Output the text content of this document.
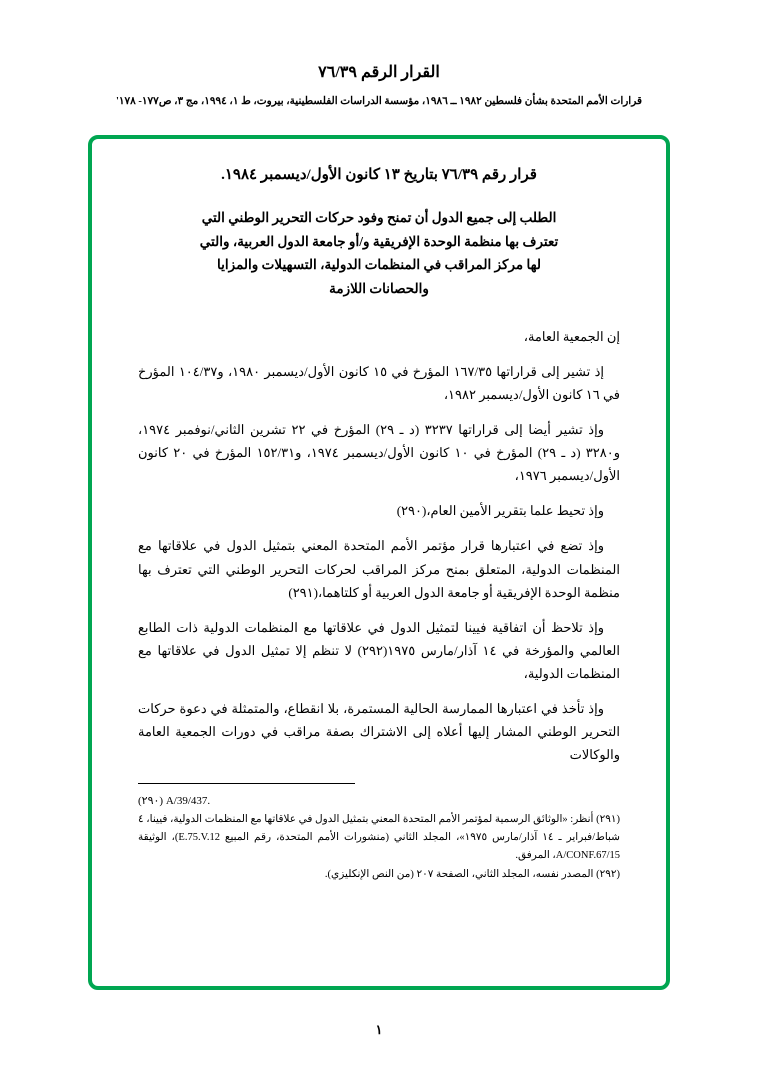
القرار الرقم ٧٦/٣٩
قرارات الأمم المتحدة بشأن فلسطين ١٩٨٢ ــ ١٩٨٦، مؤسسة الدراسات الفلسطينية، بيروت، ط ١، ١٩٩٤، مج ٣، ص١٧٧- ١٧٨'
قرار رقم ٧٦/٣٩ بتاريخ ١٣ كانون الأول/ديسمبر ١٩٨٤.
الطلب إلى جميع الدول أن تمنح وفود حركات التحرير الوطني التي تعترف بها منظمة الوحدة الإفريقية و/أو جامعة الدول العربية، والتي لها مركز المراقب في المنظمات الدولية، التسهيلات والمزايا والحصانات اللازمة

إن الجمعية العامة،

إذ تشير إلى قراراتها ١٦٧/٣٥ المؤرخ في ١٥ كانون الأول/ديسمبر ١٩٨٠، و١٠٤/٣٧ المؤرخ في ١٦ كانون الأول/ديسمبر ١٩٨٢،

وإذ تشير أيضا إلى قراراتها ٣٢٣٧ (د ـ ٢٩) المؤرخ في ٢٢ تشرين الثاني/نوفمبر ١٩٧٤، و٣٢٨٠ (د ـ ٢٩) المؤرخ في ١٠ كانون الأول/ديسمبر ١٩٧٤، و١٥٢/٣١ المؤرخ في ٢٠ كانون الأول/ديسمبر ١٩٧٦،

وإذ تحيط علما بتقرير الأمين العام،(٢٩٠)

وإذ تضع في اعتبارها قرار مؤتمر الأمم المتحدة المعني بتمثيل الدول في علاقاتها مع المنظمات الدولية، المتعلق بمنح مركز المراقب لحركات التحرير الوطني التي تعترف بها منظمة الوحدة الإفريقية أو جامعة الدول العربية أو كلتاهما،(٢٩١)

وإذ تلاحظ أن اتفاقية فيينا لتمثيل الدول في علاقاتها مع المنظمات الدولية ذات الطابع العالمي والمؤرخة في ١٤ آذار/مارس ١٩٧٥(٢٩٢) لا تنظم إلا تمثيل الدول في علاقاتها مع المنظمات الدولية،

وإذ تأخذ في اعتبارها الممارسة الحالية المستمرة، بلا انقطاع، والمتمثلة في دعوة حركات التحرير الوطني المشار إليها أعلاه إلى الاشتراك بصفة مراقب في دورات الجمعية العامة والوكالات

(٢٩٠) A/39/437.
(٢٩١) أنظر: «الوثائق الرسمية لمؤتمر الأمم المتحدة المعني بتمثيل الدول في علاقاتها مع المنظمات الدولية، فيينا، ٤ شباط/فبراير ـ ١٤ آذار/مارس ١٩٧٥»، المجلد الثاني (منشورات الأمم المتحدة، رقم المبيع E.75.V.12)، الوثيقة A/CONF.67/15، المرفق.
(٢٩٢) المصدر نفسه، المجلد الثاني، الصفحة ٢٠٧ (من النص الإنكليزي).
١
